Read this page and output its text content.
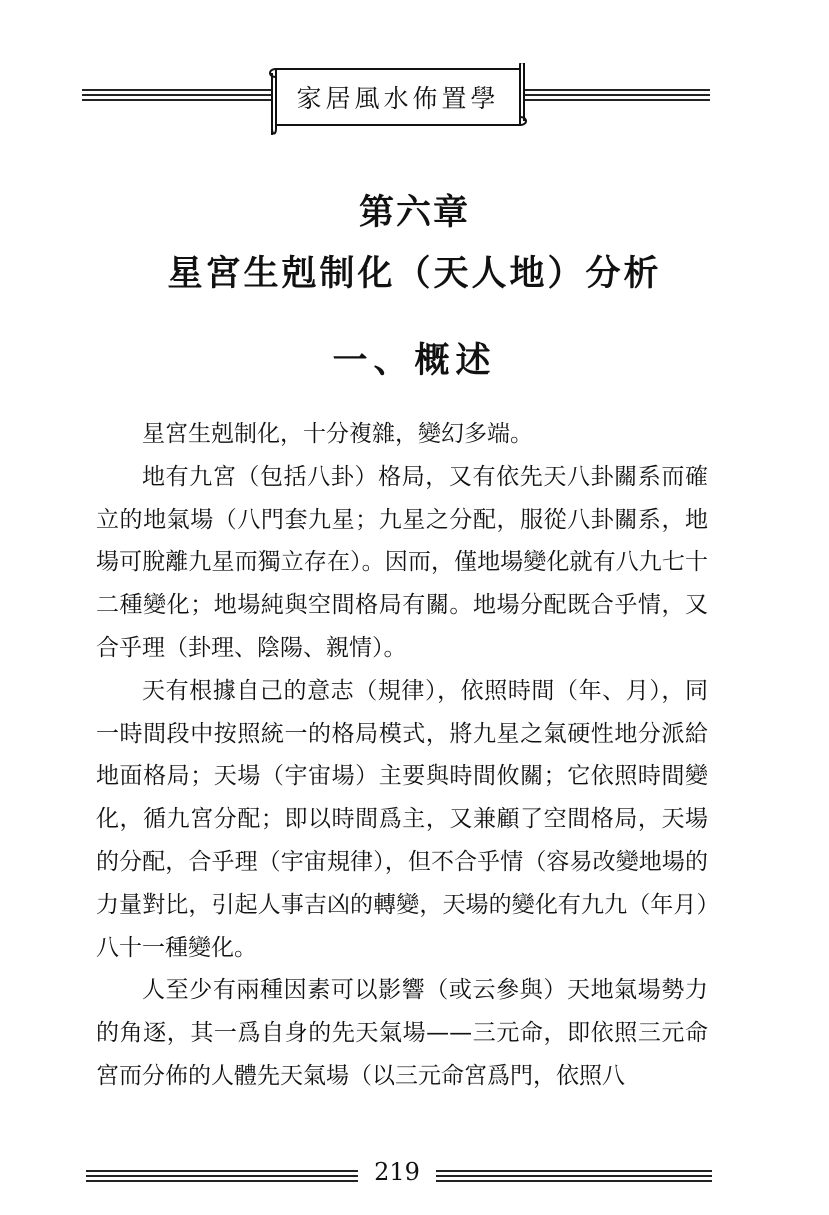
家居風水佈置學
第六章
星宮生剋制化（天人地）分析
一、概述

星宮生剋制化，十分複雜，變幻多端。

地有九宮（包括八卦）格局，又有依先天八卦關系而確立的地氣場（八門套九星；九星之分配，服從八卦關系，地場可脫離九星而獨立存在）。因而，僅地場變化就有八九七十二種變化；地場純與空間格局有關。地場分配既合乎情，又合乎理（卦理、陰陽、親情）。

天有根據自己的意志（規律），依照時間（年、月），同一時間段中按照統一的格局模式，將九星之氣硬性地分派給地面格局；天場（宇宙場）主要與時間攸關；它依照時間變化，循九宮分配；即以時間爲主，又兼顧了空間格局，天場的分配，合乎理（宇宙規律），但不合乎情（容易改變地場的力量對比，引起人事吉凶的轉變，天場的變化有九九（年月）八十一種變化。

人至少有兩種因素可以影響（或云參與）天地氣場勢力的角逐，其一爲自身的先天氣場——三元命，即依照三元命宮而分佈的人體先天氣場（以三元命宮爲門，依照八

219
